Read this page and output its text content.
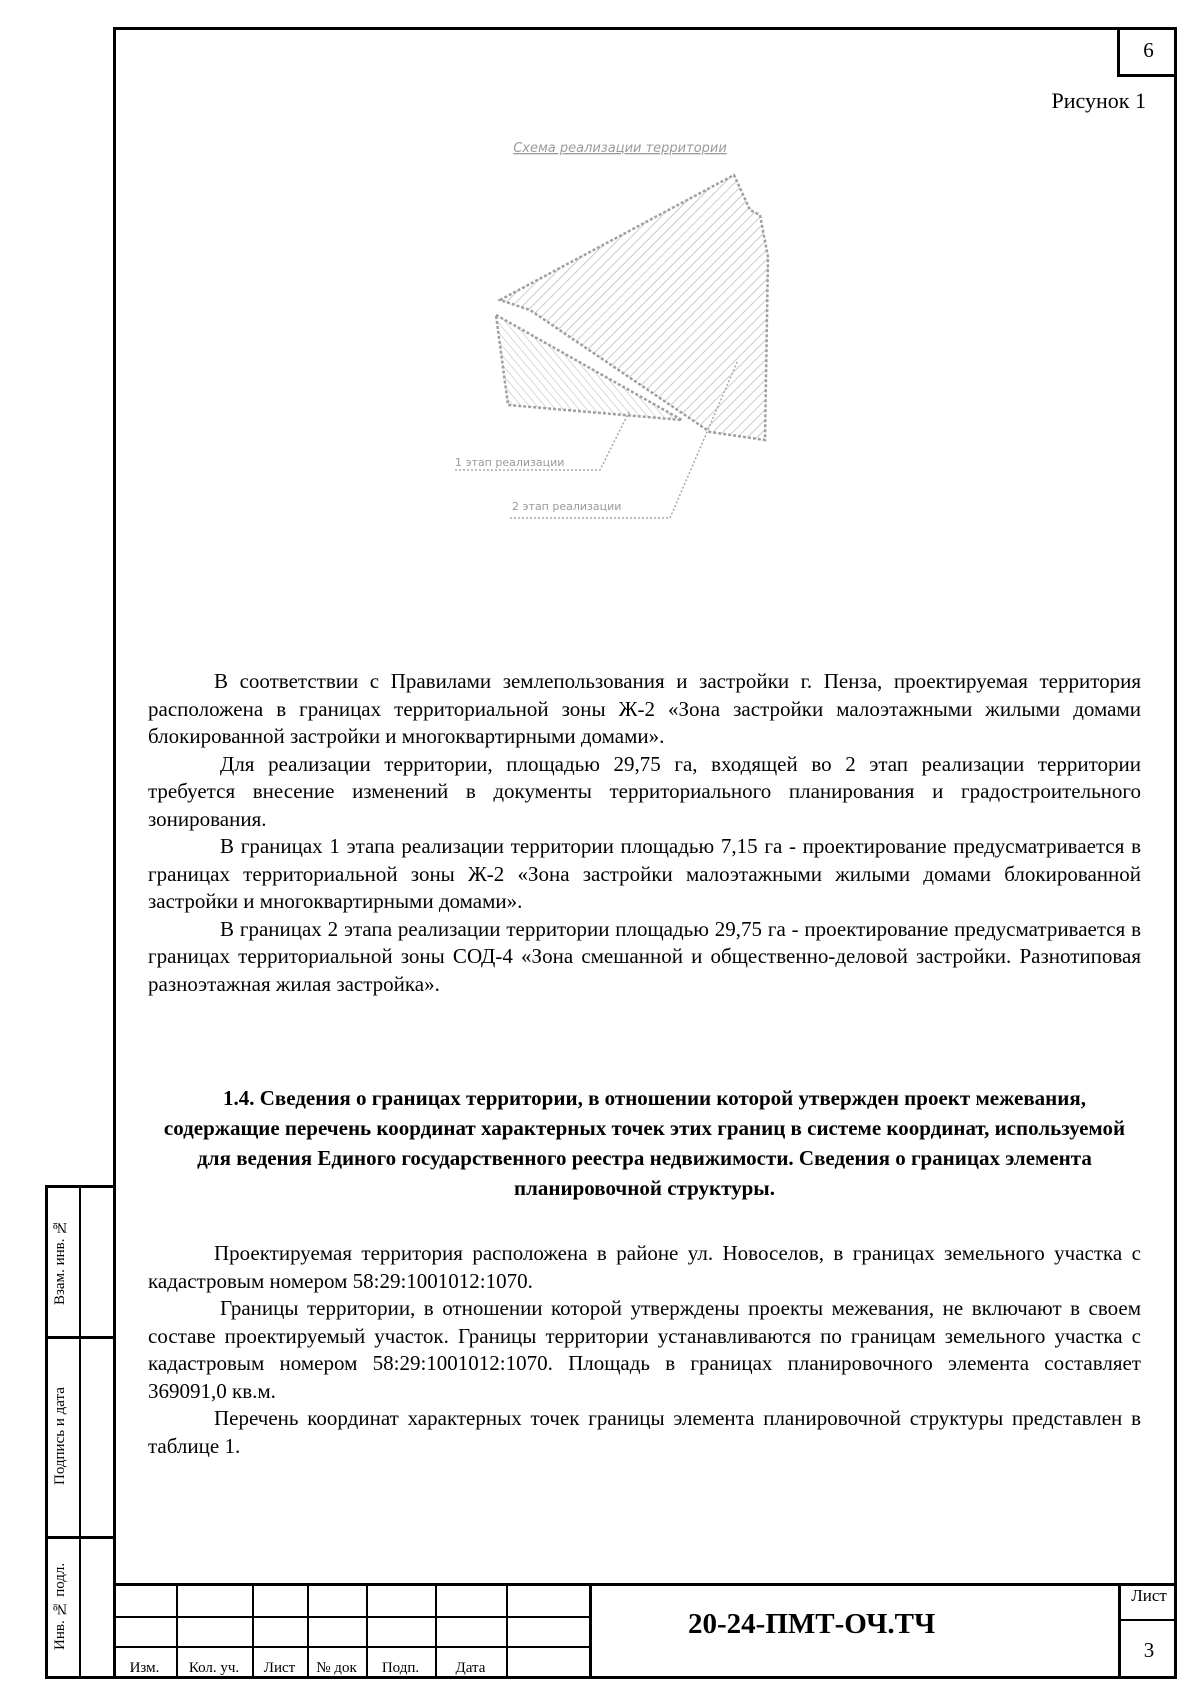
6
Рисунок 1
Схема реализации территории
1 этап реализации
2 этап реализации

В соответствии с Правилами землепользования и застройки г. Пенза, проектируемая территория расположена в границах территориальной зоны Ж-2 «Зона застройки малоэтажными жилыми домами блокированной застройки и многоквартирными домами».

Для реализации территории, площадью 29,75 га, входящей во 2 этап реализации территории требуется внесение изменений в документы территориального планирования и градостроительного зонирования.

В границах 1 этапа реализации территории площадью 7,15 га - проектирование предусматривается в границах территориальной зоны Ж-2 «Зона застройки малоэтажными жилыми домами блокированной застройки и многоквартирными домами».

В границах 2 этапа реализации территории площадью 29,75 га - проектирование предусматривается в границах территориальной зоны СОД-4 «Зона смешанной и общественно-деловой застройки. Разнотиповая разноэтажная жилая застройка».

1.4. Сведения о границах территории, в отношении которой утвержден проект межевания, содержащие перечень координат характерных точек этих границ в системе координат, используемой для ведения Единого государственного реестра недвижимости. Сведения о границах элемента планировочной структуры.

Проектируемая территория расположена в районе ул. Новоселов, в границах земельного участка с кадастровым номером 58:29:1001012:1070.

Границы территории, в отношении которой утверждены проекты межевания, не включают в своем составе проектируемый участок. Границы территории устанавливаются по границам земельного участка с кадастровым номером 58:29:1001012:1070. Площадь в границах планировочного элемента составляет 369091,0 кв.м.

Перечень координат характерных точек границы элемента планировочной структуры представлен в таблице 1.

Взам. инв. №
Подпись и дата
Инв. № подл.
Изм.	Кол. уч.	Лист	№ док	Подп.	Дата
20-24-ПМТ-ОЧ.ТЧ
Лист
3
